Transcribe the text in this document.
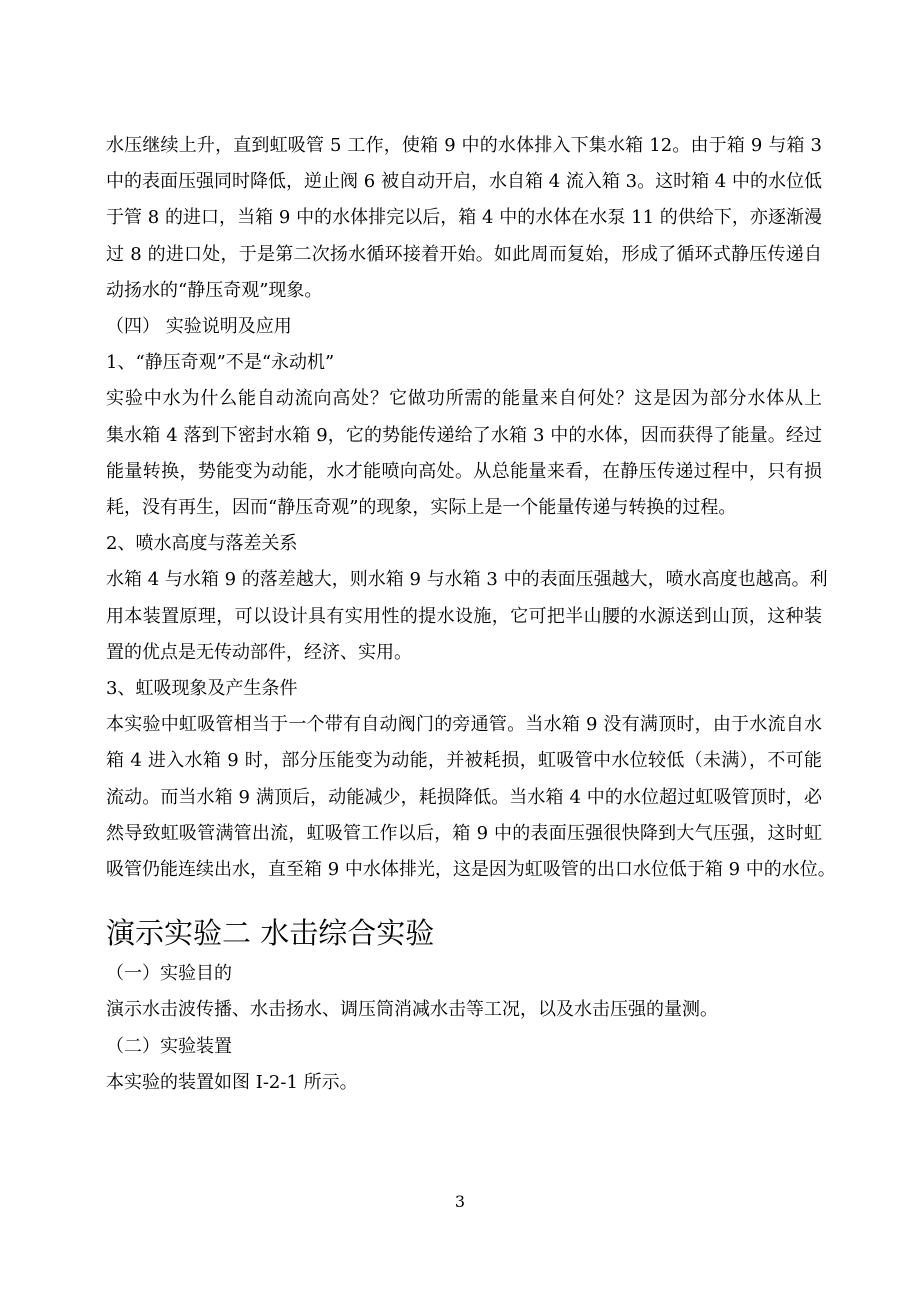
水压继续上升，直到虹吸管 5 工作，使箱 9 中的水体排入下集水箱 12。由于箱 9 与箱 3
中的表面压强同时降低，逆止阀 6 被自动开启，水自箱 4 流入箱 3。这时箱 4 中的水位低
于管 8 的进口，当箱 9 中的水体排完以后，箱 4 中的水体在水泵 11 的供给下，亦逐渐漫
过 8 的进口处，于是第二次扬水循环接着开始。如此周而复始，形成了循环式静压传递自
动扬水的“静压奇观”现象。

（四） 实验说明及应用

1、“静压奇观”不是“永动机”

实验中水为什么能自动流向高处？它做功所需的能量来自何处？这是因为部分水体从上
集水箱 4 落到下密封水箱 9，它的势能传递给了水箱 3 中的水体，因而获得了能量。经过
能量转换，势能变为动能，水才能喷向高处。从总能量来看，在静压传递过程中，只有损
耗，没有再生，因而“静压奇观”的现象，实际上是一个能量传递与转换的过程。

2、喷水高度与落差关系

水箱 4 与水箱 9 的落差越大，则水箱 9 与水箱 3 中的表面压强越大，喷水高度也越高。利
用本装置原理，可以设计具有实用性的提水设施，它可把半山腰的水源送到山顶，这种装
置的优点是无传动部件，经济、实用。

3、虹吸现象及产生条件

本实验中虹吸管相当于一个带有自动阀门的旁通管。当水箱 9 没有满顶时，由于水流自水
箱 4 进入水箱 9 时，部分压能变为动能，并被耗损，虹吸管中水位较低（未满），不可能
流动。而当水箱 9 满顶后，动能减少，耗损降低。当水箱 4 中的水位超过虹吸管顶时，必
然导致虹吸管满管出流，虹吸管工作以后，箱 9 中的表面压强很快降到大气压强，这时虹
吸管仍能连续出水，直至箱 9 中水体排光，这是因为虹吸管的出口水位低于箱 9 中的水位。

演示实验二 水击综合实验

（一）实验目的

演示水击波传播、水击扬水、调压筒消减水击等工况，以及水击压强的量测。

（二）实验装置

本实验的装置如图 I-2-1 所示。

3
